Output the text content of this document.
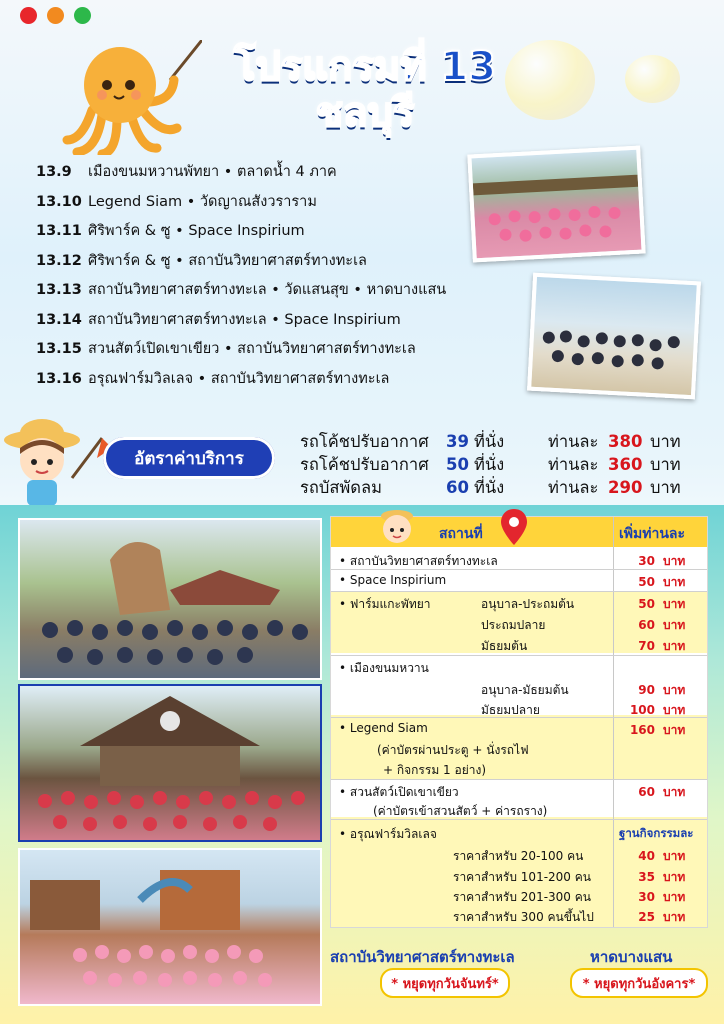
โปรแกรมที่ 13
ชลบุรี
13.9 เมืองขนมหวานพัทยา • ตลาดน้ำ 4 ภาค
13.10 Legend Siam • วัดญาณสังวราราม
13.11 ศิริพาร์ค & ซู • Space Inspirium
13.12 ศิริพาร์ค & ซู • สถาบันวิทยาศาสตร์ทางทะเล
13.13 สถาบันวิทยาศาสตร์ทางทะเล • วัดแสนสุข • หาดบางแสน
13.14 สถาบันวิทยาศาสตร์ทางทะเล • Space Inspirium
13.15 สวนสัตว์เปิดเขาเขียว • สถาบันวิทยาศาสตร์ทางทะเล
13.16 อรุณฟาร์มวิลเลจ • สถาบันวิทยาศาสตร์ทางทะเล
อัตราค่าบริการ
รถโค้ชปรับอากาศ 39 ที่นั่ง	ท่านละ 380 บาท
รถโค้ชปรับอากาศ 50 ที่นั่ง	ท่านละ 360 บาท
รถบัสพัดลม	60 ที่นั่ง	ท่านละ 290 บาท
สถานที่	เพิ่มท่านละ
• สถาบันวิทยาศาสตร์ทางทะเล	30 บาท
• Space Inspirium	50 บาท
• ฟาร์มแกะพัทยา	อนุบาล-ประถมต้น	50 บาท
ประถมปลาย	60 บาท
มัธยมต้น	70 บาท
• เมืองขนมหวาน
อนุบาล-มัธยมต้น	90 บาท
มัธยมปลาย	100 บาท
• Legend Siam	160 บาท
(ค่าบัตรผ่านประตู + นั่งรถไฟ
+ กิจกรรม 1 อย่าง)
• สวนสัตว์เปิดเขาเขียว	60 บาท
(ค่าบัตรเข้าสวนสัตว์ + ค่ารถราง)
• อรุณฟาร์มวิลเลจ	ฐานกิจกรรมละ
ราคาสำหรับ 20-100 คน	40 บาท
ราคาสำหรับ 101-200 คน	35 บาท
ราคาสำหรับ 201-300 คน	30 บาท
ราคาสำหรับ 300 คนขึ้นไป	25 บาท
สถาบันวิทยาศาสตร์ทางทะเล
* หยุดทุกวันจันทร์*
หาดบางแสน
* หยุดทุกวันอังคาร*
